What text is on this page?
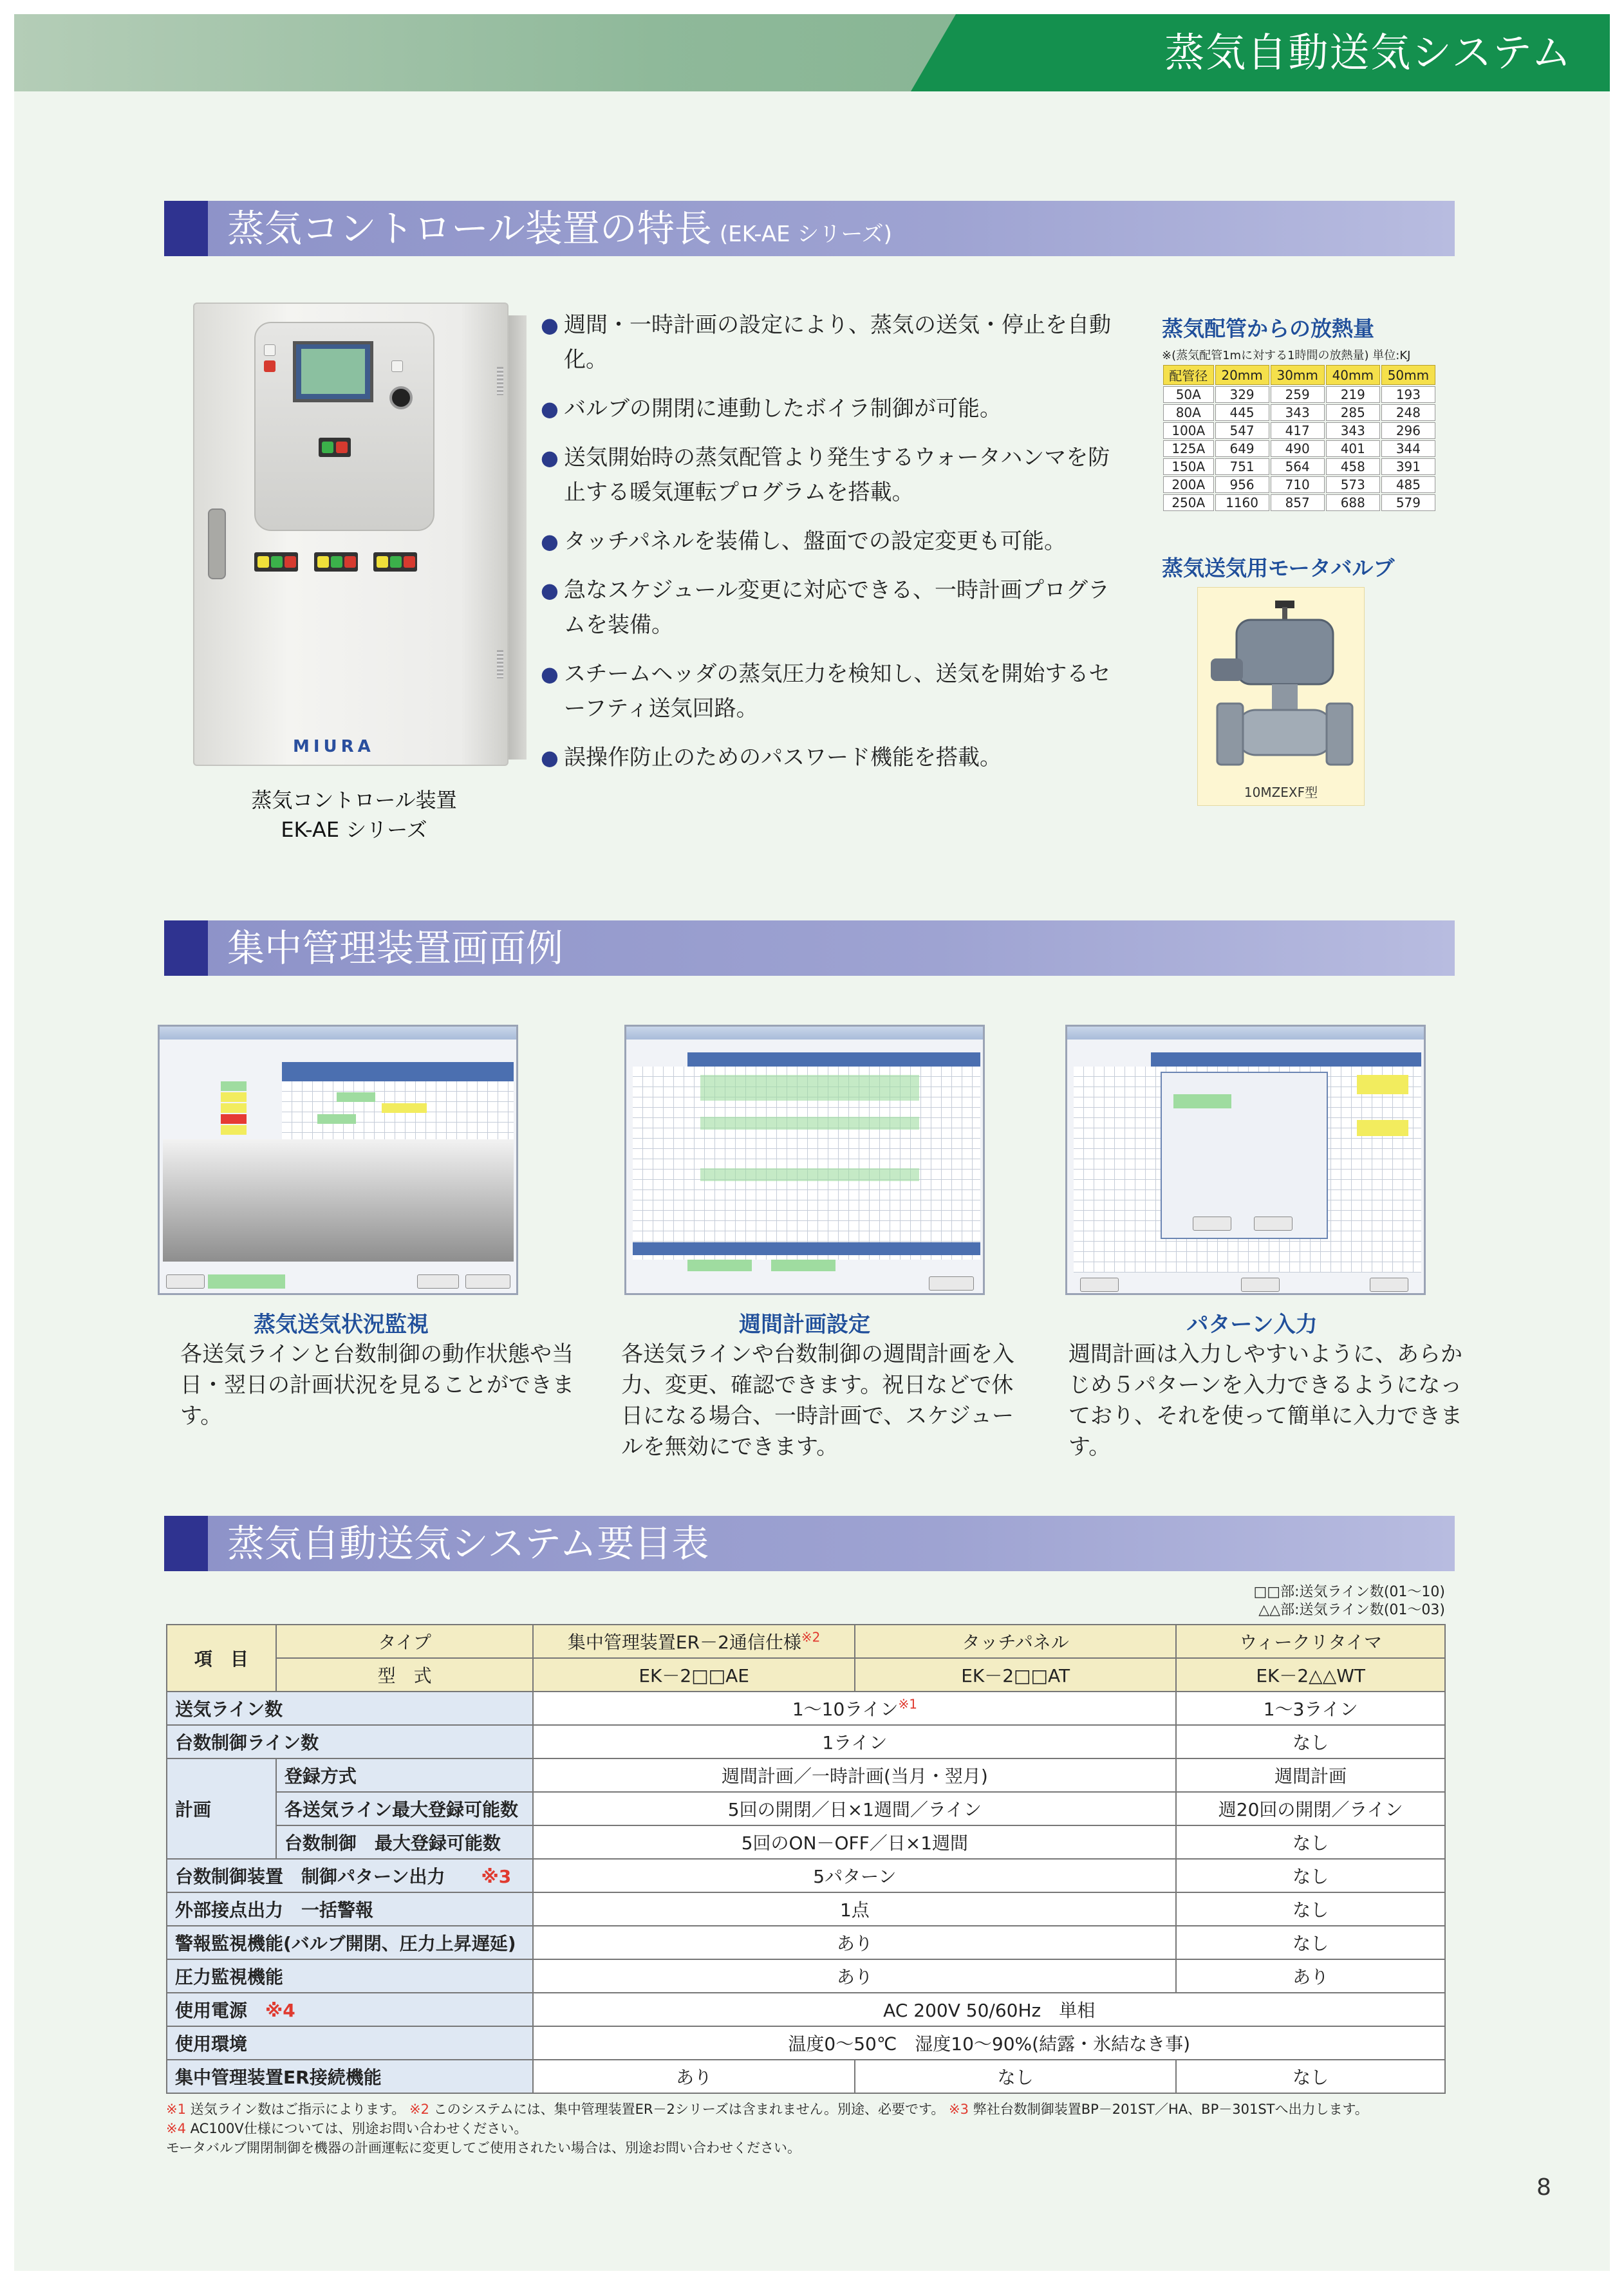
蒸気自動送気システム
蒸気コントロール装置の特長 (EK-AE シリーズ)
MIURA
蒸気コントロール装置
EK-AE シリーズ
● 週間・一時計画の設定により、蒸気の送気・停止を自動化。
● バルブの開閉に連動したボイラ制御が可能。
● 送気開始時の蒸気配管より発生するウォータハンマを防止する暖気運転プログラムを搭載。
● タッチパネルを装備し、盤面での設定変更も可能。
● 急なスケジュール変更に対応できる、一時計画プログラムを装備。
● スチームヘッダの蒸気圧力を検知し、送気を開始するセーフティ送気回路。
● 誤操作防止のためのパスワード機能を搭載。
蒸気配管からの放熱量
※(蒸気配管1mに対する1時間の放熱量) 単位:KJ
配管径	20mm	30mm	40mm	50mm
50A	329	259	219	193
80A	445	343	285	248
100A	547	417	343	296
125A	649	490	401	344
150A	751	564	458	391
200A	956	710	573	485
250A	1160	857	688	579
蒸気送気用モータバルブ
10MZEXF型
集中管理装置画面例
蒸気送気状況監視
各送気ラインと台数制御の動作状態や当日・翌日の計画状況を見ることができます。
週間計画設定
各送気ラインや台数制御の週間計画を入力、変更、確認できます。祝日などで休日になる場合、一時計画で、スケジュールを無効にできます。
パターン入力
週間計画は入力しやすいように、あらかじめ５パターンを入力できるようになっており、それを使って簡単に入力できます。
蒸気自動送気システム要目表
□□部:送気ライン数(01～10)
△△部:送気ライン数(01～03)
項　目	タイプ	集中管理装置ER－2通信仕様$^{※2}$	タッチパネル	ウィークリタイマ
	型　式	EK－2□□AE	EK－2□□AT	EK－2△△WT
送気ライン数		1～10ライン$^{※1}$		1～3ライン
台数制御ライン数		1ライン		なし
計画	登録方式	週間計画／一時計画(当月・翌月)		週間計画
	各送気ライン最大登録可能数	5回の開閉／日×1週間／ライン		週20回の開閉／ライン
	台数制御　最大登録可能数	5回のON－OFF／日×1週間		なし
台数制御装置　制御パターン出力　　 ※3		5パターン		なし
外部接点出力　 一括警報		1点		なし
警報監視機能(バルブ開閉、圧力上昇遅延)		あり		なし
圧力監視機能		あり		あり
使用電源　 ※4		AC 200V 50/60Hz　単相		
使用環境		温度0～50℃　湿度10～90%(結露・氷結なき事)		
集中管理装置ER接続機能		あり	なし	なし
※1 送気ライン数はご指示によります。 ※2 このシステムには、集中管理装置ER－2シリーズは含まれません。別途、必要です。 ※3 弊社台数制御装置BP－201ST／HA、BP－301STへ出力します。
※4 AC100V仕様については、別途お問い合わせください。
モータバルブ開閉制御を機器の計画運転に変更してご使用されたい場合は、別途お問い合わせください。
8
